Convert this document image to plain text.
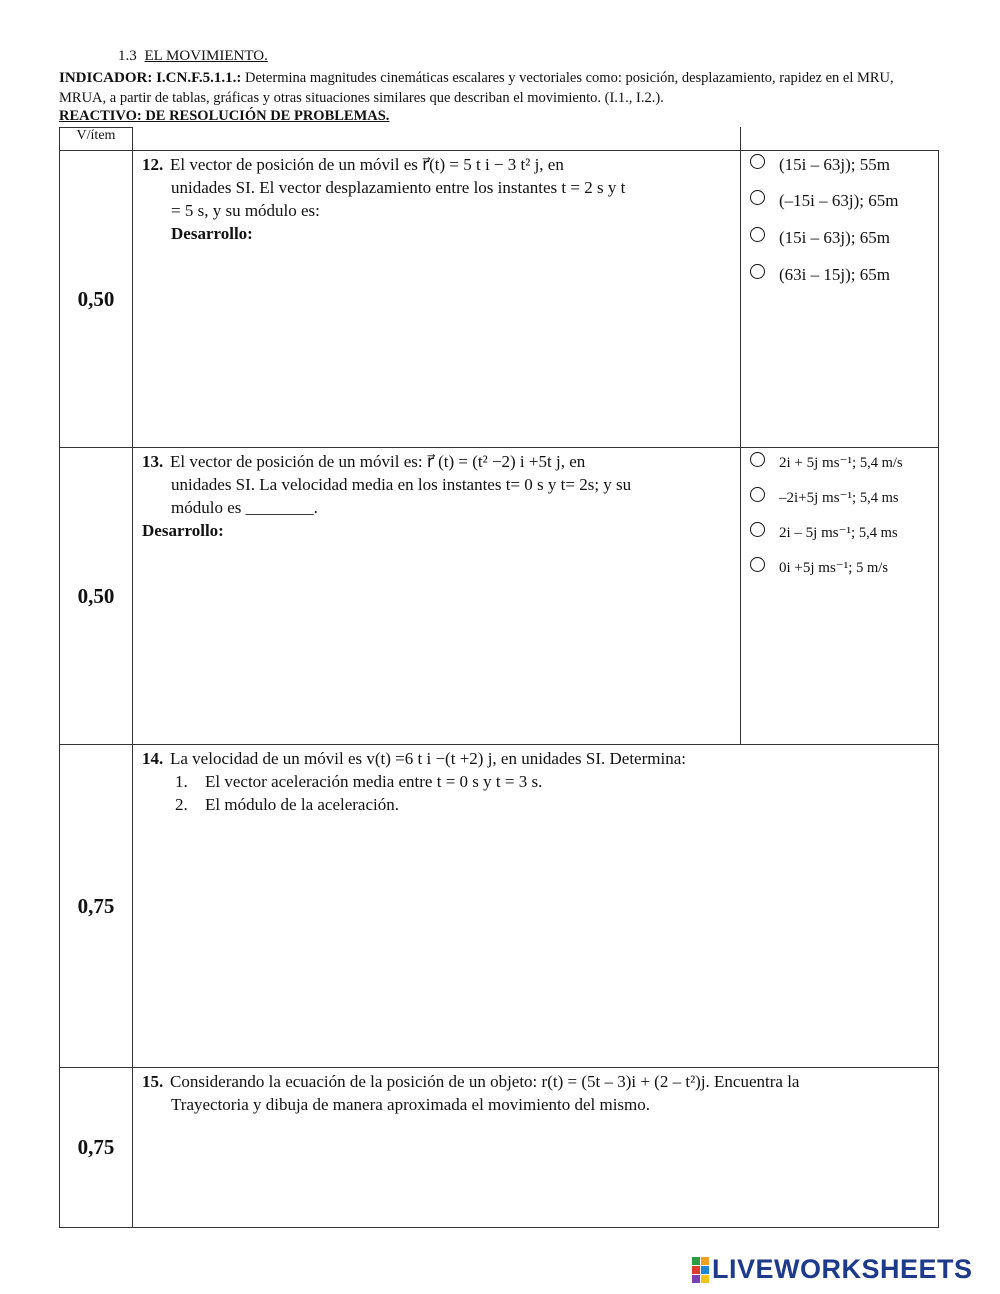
1.3 EL MOVIMIENTO.
INDICADOR: I.CN.F.5.1.1.: Determina magnitudes cinemáticas escalares y vectoriales como: posición, desplazamiento, rapidez en el MRU, MRUA, a partir de tablas, gráficas y otras situaciones similares que describan el movimiento. (I.1., I.2.).
REACTIVO: DE RESOLUCIÓN DE PROBLEMAS.
V/ítem
0,50
0,50
0,75
0,75
12. El vector de posición de un móvil es r⃗(t) = 5 t i − 3 t² j, en
unidades SI. El vector desplazamiento entre los instantes t = 2 s y t
= 5 s, y su módulo es:
Desarrollo:
(15i – 63j); 55m
(–15i – 63j); 65m
(15i – 63j); 65m
(63i – 15j); 65m
13. El vector de posición de un móvil es: r⃗ (t) = (t² −2) i +5t j, en
unidades SI. La velocidad media en los instantes t= 0 s y t= 2s; y su
módulo es ________.
Desarrollo:
2i + 5j ms⁻¹;
5,4 m/s
–2i+5j ms⁻¹;
5,4 ms
2i – 5j ms⁻¹;
5,4 ms
0i +5j ms⁻¹;
5 m/s
14. La velocidad de un móvil es v(t) =6 t i −(t +2) j, en unidades SI. Determina:
1. El vector aceleración media entre t = 0 s y t = 3 s.
2. El módulo de la aceleración.
15. Considerando la ecuación de la posición de un objeto: r(t) = (5t – 3)i + (2 – t²)j. Encuentra la
Trayectoria y dibuja de manera aproximada el movimiento del mismo.
LIVEWORKSHEETS
